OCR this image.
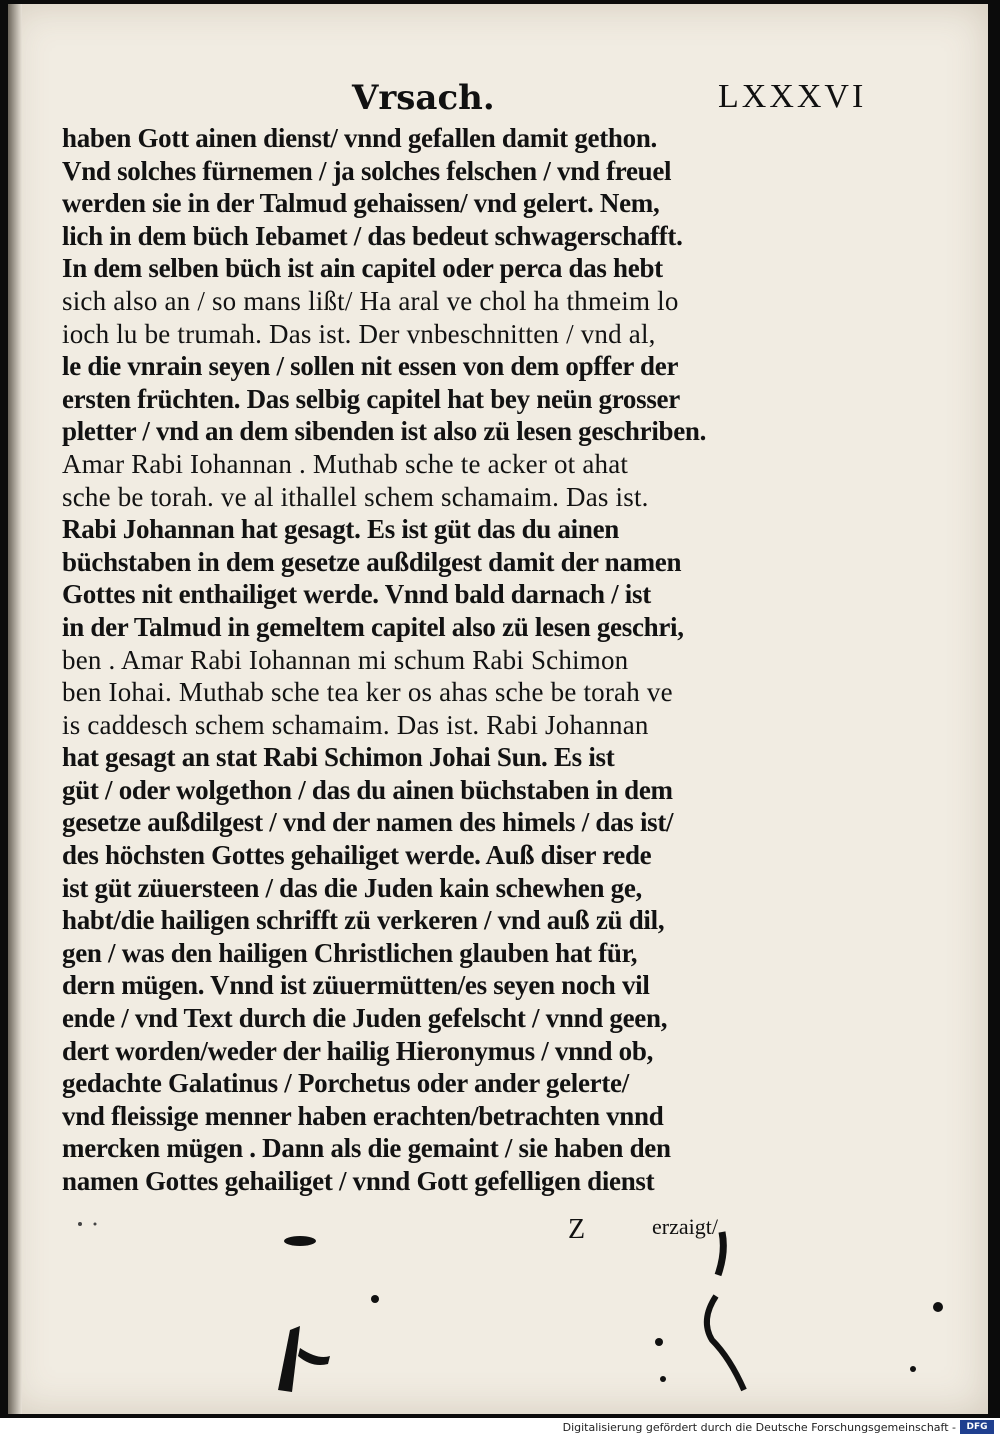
Vrsach.	LXXXVI
haben Gott ainen dienst/ vnnd gefallen damit gethon.
Vnd solches fürnemen / ja solches felschen / vnd freuel
werden sie in der Talmud gehaissen/ vnd gelert. Nem,
lich in dem büch Iebamet / das bedeut schwagerschafft.
In dem selben büch ist ain capitel oder perca das hebt
sich also an / so mans lißt/ Ha aral ve chol ha thmeim lo
ioch lu be trumah. Das ist. Der vnbeschnitten / vnd al,
le die vnrain seyen / sollen nit essen von dem opffer der
ersten früchten. Das selbig capitel hat bey neün grosser
pletter / vnd an dem sibenden ist also zü lesen geschriben.
Amar Rabi Iohannan . Muthab sche te acker ot ahat
sche be torah. ve al ithallel schem schamaim. Das ist.
Rabi Johannan hat gesagt. Es ist güt das du ainen
büchstaben in dem gesetze außdilgest damit der namen
Gottes nit enthailiget werde. Vnnd bald darnach / ist
in der Talmud in gemeltem capitel also zü lesen geschri,
ben . Amar Rabi Iohannan mi schum Rabi Schimon
ben Iohai. Muthab sche tea ker os ahas sche be torah ve
is caddesch schem schamaim. Das ist. Rabi Johannan
hat gesagt an stat Rabi Schimon Johai Sun. Es ist
güt / oder wolgethon / das du ainen büchstaben in dem
gesetze außdilgest / vnd der namen des himels / das ist/
des höchsten Gottes gehailiget werde. Auß diser rede
ist güt züuersteen / das die Juden kain schewhen ge,
habt/die hailigen schrifft zü verkeren / vnd auß zü dil,
gen / was den hailigen Christlichen glauben hat für,
dern mügen. Vnnd ist züuermütten/es seyen noch vil
ende / vnd Text durch die Juden gefelscht / vnnd geen,
dert worden/weder der hailig Hieronymus / vnnd ob,
gedachte Galatinus / Porchetus oder ander gelerte/
vnd fleissige menner haben erachten/betrachten vnnd
mercken mügen . Dann als die gemaint / sie haben den
namen Gottes gehailiget / vnnd Gott gefelligen dienst
Z	erzaigt/
Digitalisierung gefördert durch die Deutsche Forschungsgemeinschaft -	DFG
